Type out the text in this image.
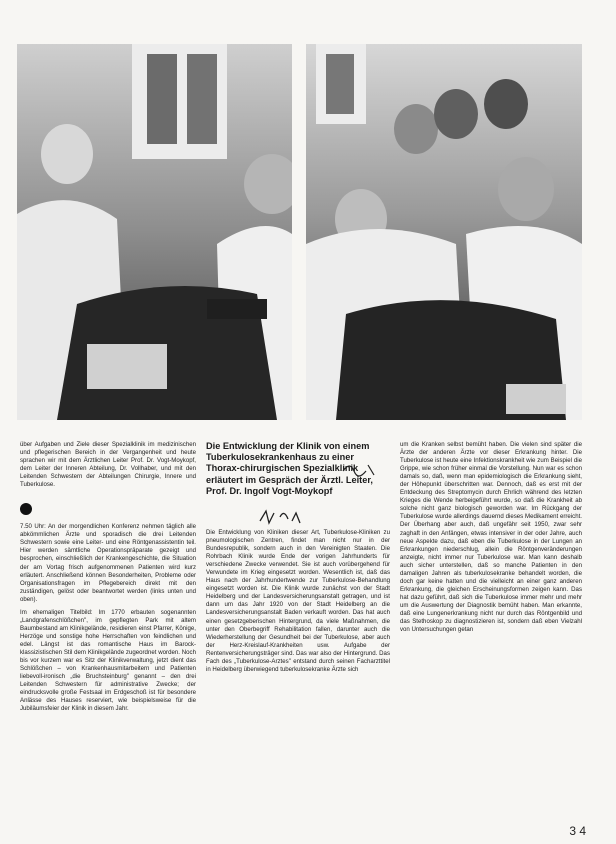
über Aufgaben und Ziele dieser Spezialklinik im medizinischen und pflegerischen Bereich in der Vergangenheit und heute sprachen wir mit dem Ärztlichen Leiter Prof. Dr. Vogt-Moykopf, dem Leiter der Inneren Abteilung, Dr. Vollhaber, und mit den Leitenden Schwestern der Abteilungen Chirurgie, Innere und Tuberkulose.

7.50 Uhr: An der morgendlichen Konferenz nehmen täglich alle abkömmlichen Ärzte und sporadisch die drei Leitenden Schwestern sowie eine Leiter- und eine Röntgenassistentin teil. Hier werden sämtliche Operationspräparate gezeigt und besprochen, einschließlich der Krankengeschichte, die Situation der am Vortag frisch aufgenommenen Patienten wird kurz erläutert. Anschließend können Besonderheiten, Probleme oder Organisationsfragen im Pflegebereich direkt mit den zuständigen, gelöst oder beantwortet werden (links unten und oben).

Im ehemaligen Titelbild: Im 1770 erbauten sogenannten „Landgrafenschlößchen", im gepflegten Park mit altem Baumbestand am Klinikgelände, residieren einst Pfarrer, Könige, Herzöge und sonstige hohe Herrschaften von feindlichen und edel. Längst ist das romantische Haus im Barock-klassizistischen Stil dem Klinikgelände zugeordnet worden. Noch bis vor kurzem war es Sitz der Klinikverwaltung, jetzt dient das Schlößchen – von Krankenhausmitarbeitern und Patienten liebevoll-ironisch „die Bruchsteinburg" genannt – den drei Leitenden Schwestern für administrative Zwecke; der eindrucksvolle große Festsaal im Erdgeschoß ist für besondere Anlässe des Hauses reserviert, wie beispielsweise für die Jubiläumsfeier der Klinik in diesem Jahr.

Die Entwicklung der Klinik von einem Tuberkulosekrankenhaus zu einer Thorax-chirurgischen Spezialklinik erläutert im Gespräch der Ärztl. Leiter, Prof. Dr. Ingolf Vogt-Moykopf

Die Entwicklung von Kliniken dieser Art, Tuberkulose-Kliniken zu pneumologischen Zentren, findet man nicht nur in der Bundesrepublik, sondern auch in den Vereinigten Staaten. Die Rohrbach Klinik wurde Ende der vorigen Jahrhunderts für verschiedene Zwecke verwendet. Sie ist auch vorübergehend für Verwundete im Krieg eingesetzt worden. Wesentlich ist, daß das Haus nach der Jahrhundertwende zur Tuberkulose-Behandlung eingesetzt worden ist. Die Klinik wurde zunächst von der Stadt Heidelberg und der Landesversicherungsanstalt getragen, und ist dann um das Jahr 1920 von der Stadt Heidelberg an die Landesversicherungsanstalt Baden verkauft worden. Das hat auch einen gesetzgeberischen Hintergrund, da viele Maßnahmen, die unter den Oberbegriff Rehabilitation fallen, darunter auch die Wiederherstellung der Gesundheit bei der Tuberkulose, aber auch der Herz-Kreislauf-Krankheiten usw. Aufgabe der Rentenversicherungsträger sind. Das war also der Hintergrund. Das Fach des „Tuberkulose-Arztes" entstand durch seinen Facharzttitel in Heidelberg überwiegend tuberkulosekranke Ärzte sich

um die Kranken selbst bemüht haben. Die vielen sind später die Ärzte der anderen Ärzte vor dieser Erkrankung hinter. Die Tuberkulose ist heute eine Infektionskrankheit wie zum Beispiel die Grippe, wie schon früher einmal die Vorstellung. Nun war es schon damals so, daß, wenn man epidemiologisch die Erkrankung sieht, der Höhepunkt überschritten war. Dennoch, daß es erst mit der Entdeckung des Streptomycin durch Ehrlich während des letzten Krieges die Wende herbeigeführt wurde, so daß die Krankheit ab solche nicht ganz biologisch geworden war. Im Rückgang der Tuberkulose wurde allerdings dauernd dieses Medikament erreicht. Der Überhang aber auch, daß ungefähr seit 1950, zwar sehr zaghaft in den Anfängen, etwas intensiver in der oder Jahre, auch neue Aspekte dazu, daß eben die Tuberkulose in der Lungen an Erkrankungen niederschlug, allein die Röntgenveränderungen anzeigte, nicht immer nur Tuberkulose war. Man kann deshalb auch sicher unterstellen, daß so manche Patienten in den damaligen Jahren als tuberkulosekranke behandelt worden, die doch gar keine hatten und die vielleicht an einer ganz anderen Erkrankung, die gleichen Erscheinungsformen zeigen kann. Das hat dazu geführt, daß sich die Tuberkulose immer mehr und mehr um die Auswertung der Diagnostik bemüht haben. Man erkannte, daß eine Lungenerkrankung nicht nur durch das Röntgenbild und das Stethoskop zu diagnostizieren ist, sondern daß eben Vielzahl von Untersuchungen getan

3 4
